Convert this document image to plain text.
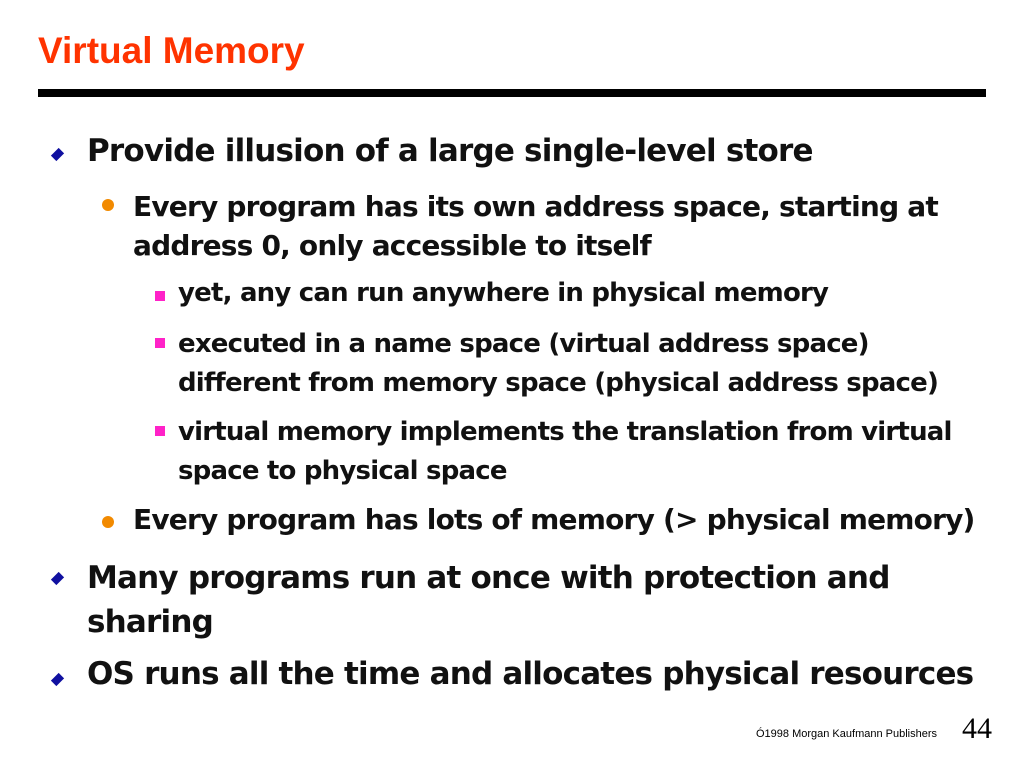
Virtual Memory
Provide illusion of a large single-level store
Every program has its own address space, starting at
address 0, only accessible to itself
yet, any can run anywhere in physical memory
executed in a name space (virtual address space)
different from memory space (physical address space)
virtual memory implements the translation from virtual
space to physical space
Every program has lots of memory (> physical memory)
Many programs run at once with protection and
sharing
OS runs all the time and allocates physical resources
Ó1998 Morgan Kaufmann Publishers 44
